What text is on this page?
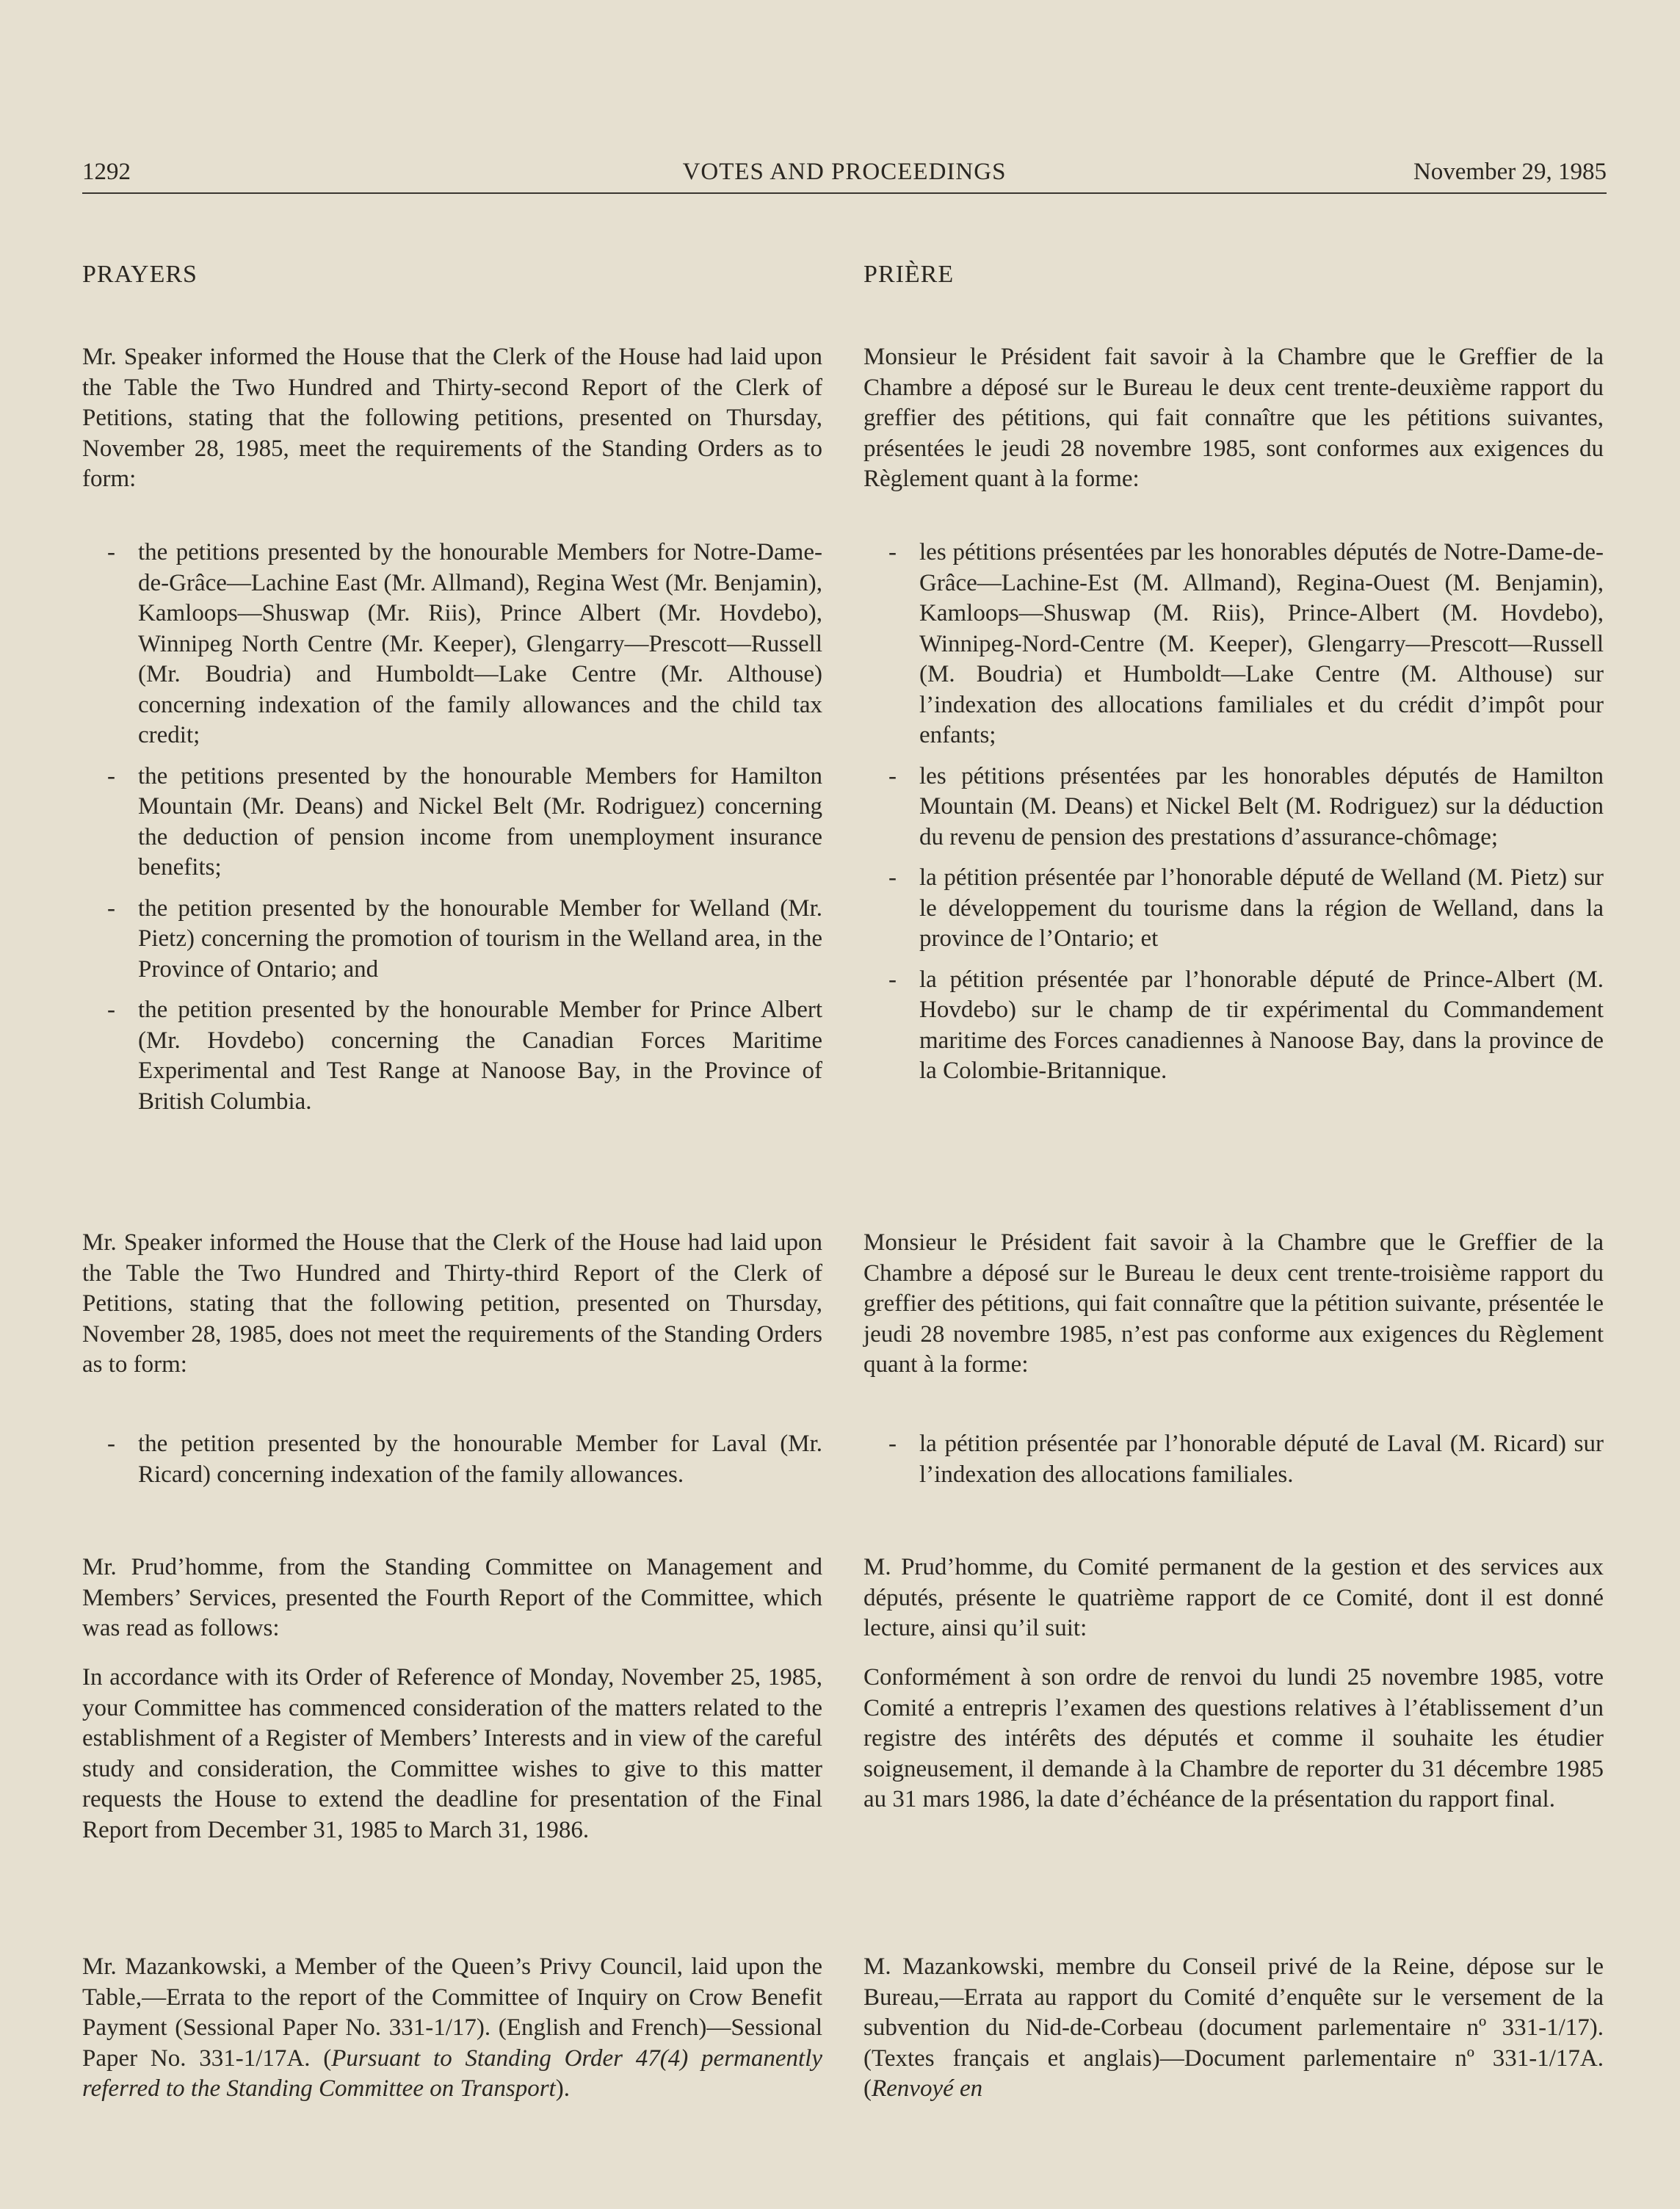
VOTES AND PROCEEDINGS
1292	November 29, 1985
PRAYERS

Mr. Speaker informed the House that the Clerk of the House had laid upon the Table the Two Hundred and Thirty-second Report of the Clerk of Petitions, stating that the following petitions, presented on Thursday, November 28, 1985, meet the requirements of the Standing Orders as to form:

- the petitions presented by the honourable Members for Notre-Dame-de-Grâce—Lachine East (Mr. Allmand), Regina West (Mr. Benjamin), Kamloops—Shuswap (Mr. Riis), Prince Albert (Mr. Hovdebo), Winnipeg North Centre (Mr. Keeper), Glengarry—Prescott—Russell (Mr. Boudria) and Humboldt—Lake Centre (Mr. Althouse) concerning indexation of the family allowances and the child tax credit;
- the petitions presented by the honourable Members for Hamilton Mountain (Mr. Deans) and Nickel Belt (Mr. Rodriguez) concerning the deduction of pension income from unemployment insurance benefits;
- the petition presented by the honourable Member for Welland (Mr. Pietz) concerning the promotion of tourism in the Welland area, in the Province of Ontario; and
- the petition presented by the honourable Member for Prince Albert (Mr. Hovdebo) concerning the Canadian Forces Maritime Experimental and Test Range at Nanoose Bay, in the Province of British Columbia.

Mr. Speaker informed the House that the Clerk of the House had laid upon the Table the Two Hundred and Thirty-third Report of the Clerk of Petitions, stating that the following petition, presented on Thursday, November 28, 1985, does not meet the requirements of the Standing Orders as to form:

- the petition presented by the honourable Member for Laval (Mr. Ricard) concerning indexation of the family allowances.

Mr. Prud’homme, from the Standing Committee on Management and Members’ Services, presented the Fourth Report of the Committee, which was read as follows:

In accordance with its Order of Reference of Monday, November 25, 1985, your Committee has commenced consideration of the matters related to the establishment of a Register of Members’ Interests and in view of the careful study and consideration, the Committee wishes to give to this matter requests the House to extend the deadline for presentation of the Final Report from December 31, 1985 to March 31, 1986.

Mr. Mazankowski, a Member of the Queen’s Privy Council, laid upon the Table,—Errata to the report of the Committee of Inquiry on Crow Benefit Payment (Sessional Paper No. 331-1/17). (English and French)—Sessional Paper No. 331-1/17A. (Pursuant to Standing Order 47(4) permanently referred to the Standing Committee on Transport).

PRIÈRE

Monsieur le Président fait savoir à la Chambre que le Greffier de la Chambre a déposé sur le Bureau le deux cent trente-deuxième rapport du greffier des pétitions, qui fait connaître que les pétitions suivantes, présentées le jeudi 28 novembre 1985, sont conformes aux exigences du Règlement quant à la forme:

- les pétitions présentées par les honorables députés de Notre-Dame-de-Grâce—Lachine-Est (M. Allmand), Regina-Ouest (M. Benjamin), Kamloops—Shuswap (M. Riis), Prince-Albert (M. Hovdebo), Winnipeg-Nord-Centre (M. Keeper), Glengarry—Prescott—Russell (M. Boudria) et Humboldt—Lake Centre (M. Althouse) sur l’indexation des allocations familiales et du crédit d’impôt pour enfants;
- les pétitions présentées par les honorables députés de Hamilton Mountain (M. Deans) et Nickel Belt (M. Rodriguez) sur la déduction du revenu de pension des prestations d’assurance-chômage;
- la pétition présentée par l’honorable député de Welland (M. Pietz) sur le développement du tourisme dans la région de Welland, dans la province de l’Ontario; et
- la pétition présentée par l’honorable député de Prince-Albert (M. Hovdebo) sur le champ de tir expérimental du Commandement maritime des Forces canadiennes à Nanoose Bay, dans la province de la Colombie-Britannique.

Monsieur le Président fait savoir à la Chambre que le Greffier de la Chambre a déposé sur le Bureau le deux cent trente-troisième rapport du greffier des pétitions, qui fait connaître que la pétition suivante, présentée le jeudi 28 novembre 1985, n’est pas conforme aux exigences du Règlement quant à la forme:

- la pétition présentée par l’honorable député de Laval (M. Ricard) sur l’indexation des allocations familiales.

M. Prud’homme, du Comité permanent de la gestion et des services aux députés, présente le quatrième rapport de ce Comité, dont il est donné lecture, ainsi qu’il suit:

Conformément à son ordre de renvoi du lundi 25 novembre 1985, votre Comité a entrepris l’examen des questions relatives à l’établissement d’un registre des intérêts des députés et comme il souhaite les étudier soigneusement, il demande à la Chambre de reporter du 31 décembre 1985 au 31 mars 1986, la date d’échéance de la présentation du rapport final.

M. Mazankowski, membre du Conseil privé de la Reine, dépose sur le Bureau,—Errata au rapport du Comité d’enquête sur le versement de la subvention du Nid-de-Corbeau (document parlementaire nº 331-1/17). (Textes français et anglais)—Document parlementaire nº 331-1/17A. (Renvoyé en
